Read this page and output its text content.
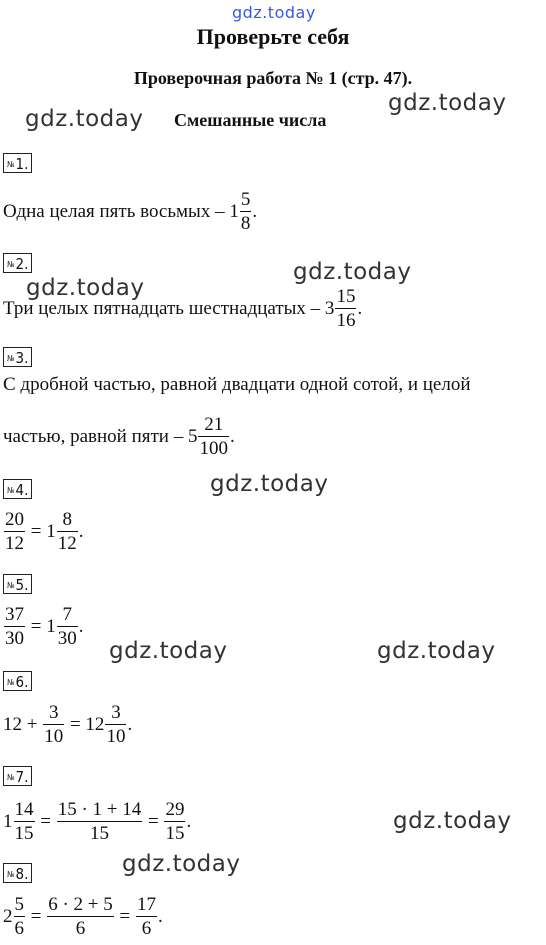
gdz.today
gdz.today
gdz.today
gdz.today
gdz.today
gdz.today
gdz.today	gdz.today
gdz.today
gdz.today
Проверьте себя
Проверочная работа № 1 (стр. 47).
Смешанные числа
№1.
Одна целая пять восьмых – $1 \frac{5}{8}$ .
№2.
Три целых пятнадцать шестнадцатых – $3 \frac{15}{16}$ .
№3.
С дробной частью, равной двадцати одной сотой, и целой
частью, равной пяти – $5 \frac{21}{100}$ .
№4.
$\frac{20}{12} = 1 \frac{8}{12}$ .
№5.
$\frac{37}{30} = 1 \frac{7}{30}$ .
№6.
$12 + \frac{3}{10} = 12 \frac{3}{10}$ .
№7.
$1 \frac{14}{15} = \frac{15 \cdot 1 + 14}{15} = \frac{29}{15}$ .
№8.
$2 \frac{5}{6} = \frac{6 \cdot 2 + 5}{6} = \frac{17}{6}$ .
